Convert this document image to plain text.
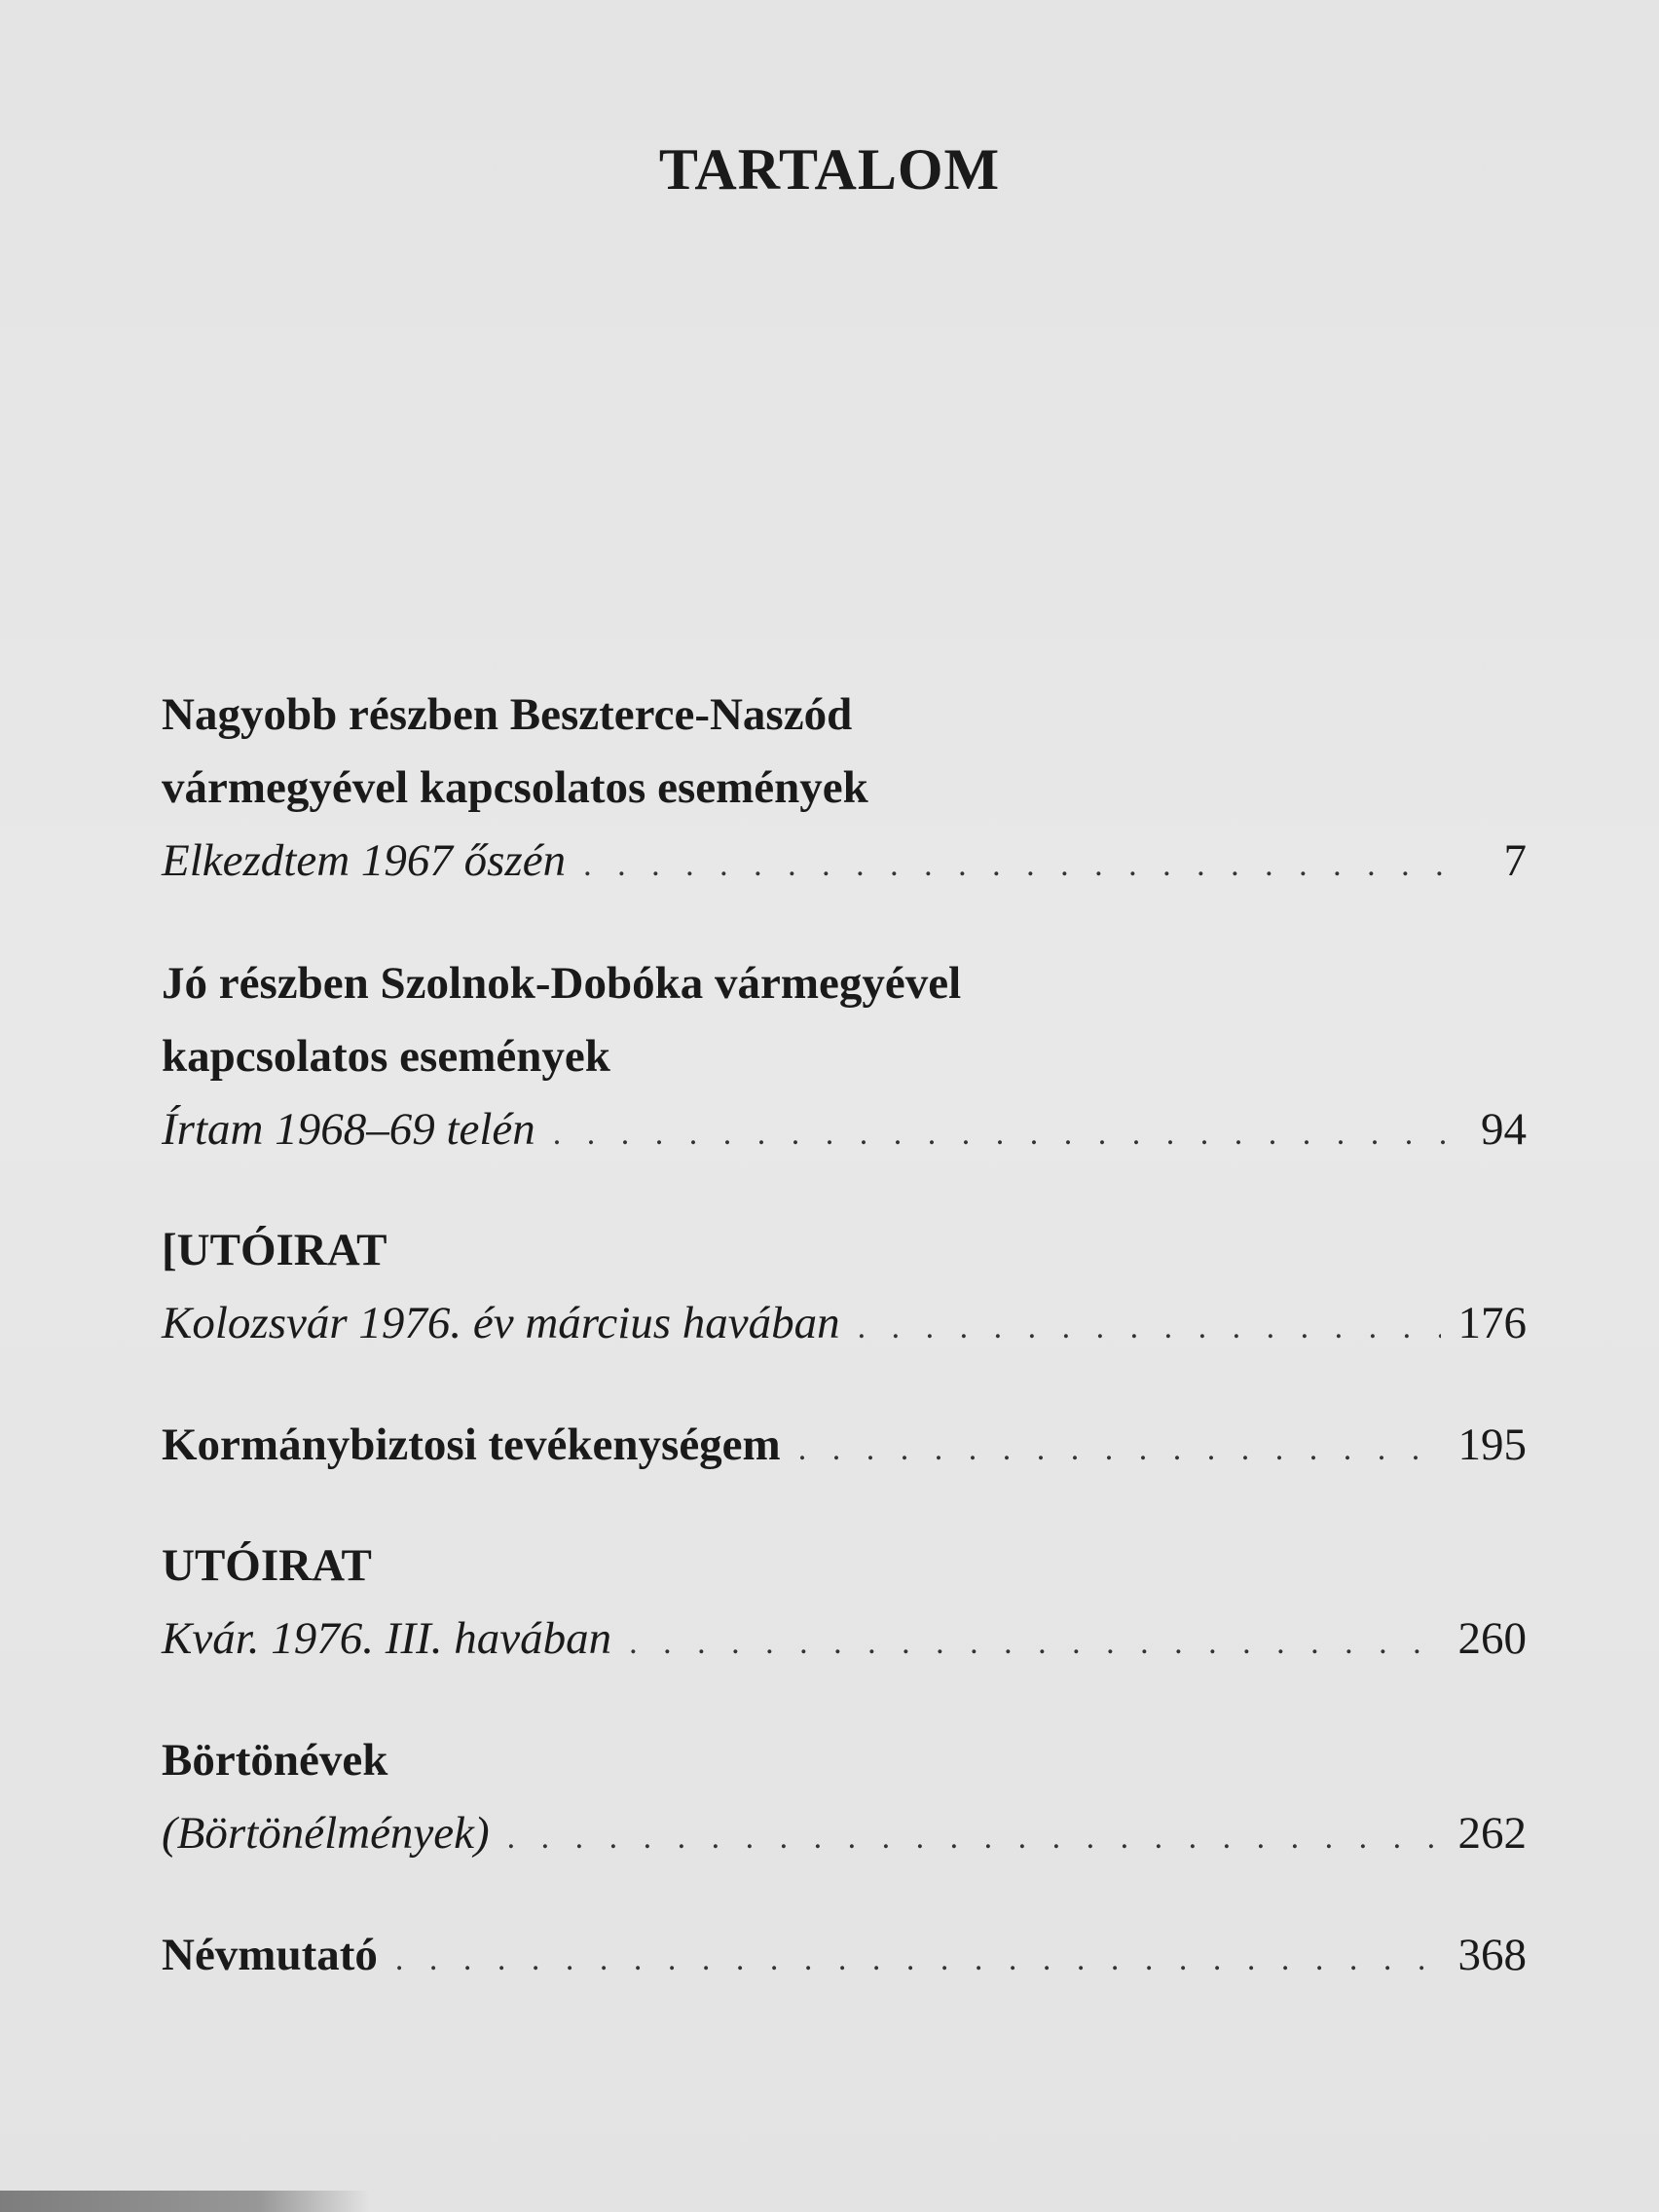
TARTALOM
Nagyobb részben Beszterce-Naszód
vármegyével kapcsolatos események
Elkezdtem 1967 őszén . . .	7
Jó részben Szolnok-Dobóka vármegyével
kapcsolatos események
Írtam 1968–69 telén . . .	94
[UTÓIRAT
Kolozsvár 1976. év március havában . . .	176
Kormánybiztosi tevékenységem . . .	195
UTÓIRAT
Kvár. 1976. III. havában . . .	260
Börtönévek
(Börtönélmények) . . .	262
Névmutató . . .	368
